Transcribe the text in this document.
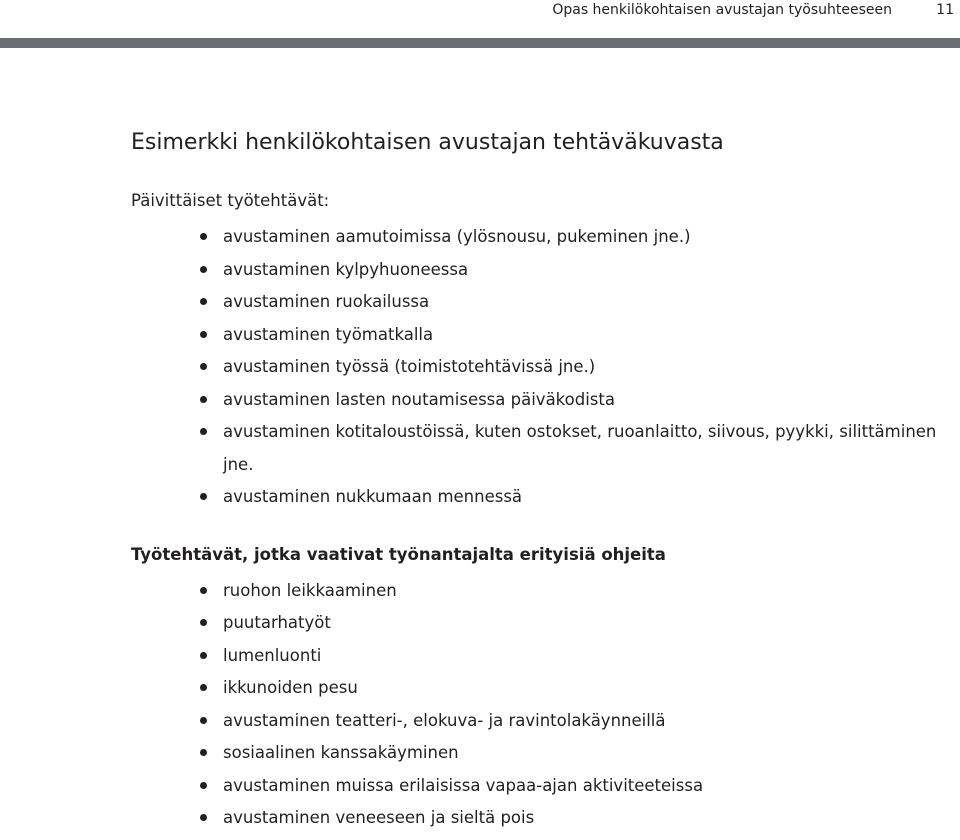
Opas henkilökohtaisen avustajan työsuhteeseen	11
Esimerkki henkilökohtaisen avustajan tehtäväkuvasta
Päivittäiset työtehtävät:
avustaminen aamutoimissa (ylösnousu, pukeminen jne.)
avustaminen kylpyhuoneessa
avustaminen ruokailussa
avustaminen työmatkalla
avustaminen työssä (toimistotehtävissä jne.)
avustaminen lasten noutamisessa päiväkodista
avustaminen kotitaloustöissä, kuten ostokset, ruoanlaitto, siivous, pyykki, silittäminen jne.
avustaminen nukkumaan mennessä
Työtehtävät, jotka vaativat työnantajalta erityisiä ohjeita
ruohon leikkaaminen
puutarhatyöt
lumenluonti
ikkunoiden pesu
avustaminen teatteri-, elokuva- ja ravintolakäynneillä
sosiaalinen kanssakäyminen
avustaminen muissa erilaisissa vapaa-ajan aktiviteeteissa
avustaminen veneeseen ja sieltä pois
